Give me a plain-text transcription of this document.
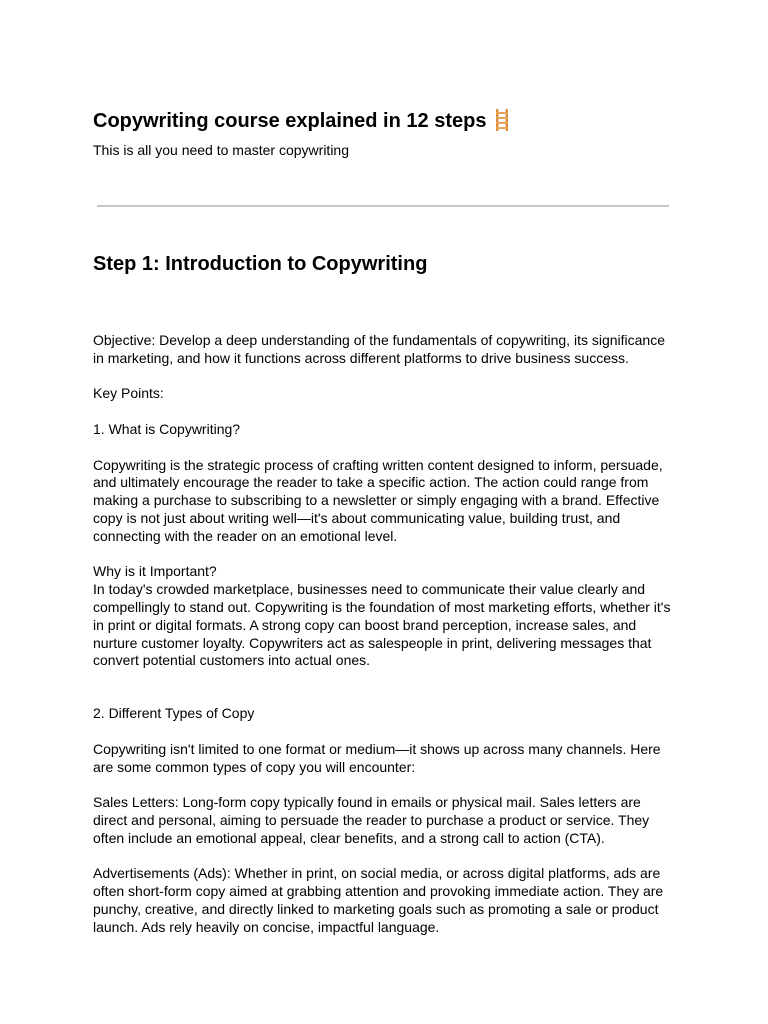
Copywriting course explained in 12 steps

This is all you need to master copywriting

Step 1: Introduction to Copywriting

Objective: Develop a deep understanding of the fundamentals of copywriting, its significance in marketing, and how it functions across different platforms to drive business success.

Key Points:

1. What is Copywriting?

Copywriting is the strategic process of crafting written content designed to inform, persuade, and ultimately encourage the reader to take a specific action. The action could range from making a purchase to subscribing to a newsletter or simply engaging with a brand. Effective copy is not just about writing well—it's about communicating value, building trust, and connecting with the reader on an emotional level.

Why is it Important?
In today's crowded marketplace, businesses need to communicate their value clearly and compellingly to stand out. Copywriting is the foundation of most marketing efforts, whether it's in print or digital formats. A strong copy can boost brand perception, increase sales, and nurture customer loyalty. Copywriters act as salespeople in print, delivering messages that convert potential customers into actual ones.

2. Different Types of Copy

Copywriting isn't limited to one format or medium—it shows up across many channels. Here are some common types of copy you will encounter:

Sales Letters: Long-form copy typically found in emails or physical mail. Sales letters are direct and personal, aiming to persuade the reader to purchase a product or service. They often include an emotional appeal, clear benefits, and a strong call to action (CTA).

Advertisements (Ads): Whether in print, on social media, or across digital platforms, ads are often short-form copy aimed at grabbing attention and provoking immediate action. They are punchy, creative, and directly linked to marketing goals such as promoting a sale or product launch. Ads rely heavily on concise, impactful language.
